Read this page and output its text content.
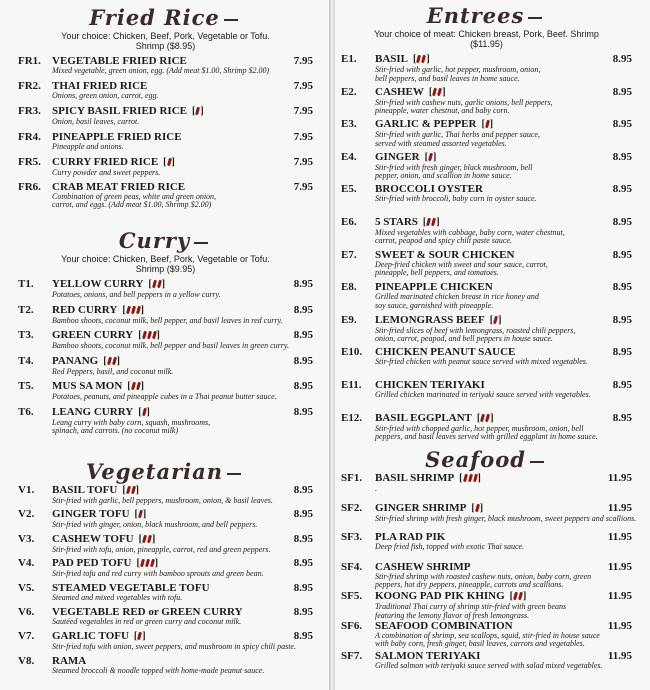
Fried Rice
Your choice: Chicken, Beef, Pork, Vegetable or Tofu. Shrimp ($8.95)
FR1.	VEGETABLE FRIED RICE
Mixed vegetable, green onion, egg. (Add meat $1.00, Shrimp $2.00)
7.95
FR2.	THAI FRIED RICE
Onions, green onion, carrot, egg.
7.95
FR3.	SPICY BASIL FRIED RICE [ ]
Onion, basil leaves, carrot.
7.95
FR4.	PINEAPPLE FRIED RICE
Pineapple and onions.
7.95
FR5.	CURRY FRIED RICE [ ]
Curry powder and sweet peppers.
7.95
FR6.	CRAB MEAT FRIED RICE
Combination of green peas, white and green onion,
carrot, and eggs. (Add meat $1.00, Shrimp $2.00)
7.95
Curry
Your choice: Chicken, Beef, Pork, Vegetable or Tofu. Shrimp ($9.95)
T1.	YELLOW CURRY [ ]
Potatoes, onions, and bell peppers in a yellow curry.
8.95
T2.	RED CURRY [ ]
Bamboo shoots, coconut milk, bell pepper, and basil leaves in red curry.
8.95
T3.	GREEN CURRY [ ]
Bamboo shoots, coconut milk, bell pepper and basil leaves in green curry.
8.95
T4.	PANANG [ ]
Red Peppers, basil, and coconut milk.
8.95
T5.	MUS SA MON [ ]
Potatoes, peanuts, and pineapple cubes in a Thai peanut butter sauce.
8.95
T6.	LEANG CURRY [ ]
Leang curry with baby corn, squash, mushrooms,
spinach, and carrots. (no coconut milk)
8.95
Vegetarian
V1.	BASIL TOFU [ ]
Stir-fried with garlic, bell peppers, mushroom, onion, & basil leaves.
8.95
V2.	GINGER TOFU [ ]
Stir-fried with ginger, onion, black mushroom, and bell peppers.
8.95
V3.	CASHEW TOFU [ ]
Stir-fried with tofu, onion, pineapple, carrot, red and green peppers.
8.95
V4.	PAD PED TOFU [ ]
Stir-fried tofu and red curry with bamboo sprouts and green bean.
8.95
V5.	STEAMED VEGETABLE TOFU
Steamed and mixed vegetables with tofu.
8.95
V6.	VEGETABLE RED or GREEN CURRY
Sautéed vegetables in red or green curry and coconut milk.
8.95
V7.	GARLIC TOFU [ ]
Stir-fried tofu with onion, sweet peppers, and mushroom in spicy chili paste.
8.95
V8.	RAMA
Steamed broccoli & noodle topped with home-made peanut sauce.
Entrees
Your choice of meat: Chicken breast, Pork, Beef. Shrimp ($11.95)
E1.	BASIL [ ]
Stir-fried with garlic, hot pepper, mushroom, onion,
bell peppers, and basil leaves in home sauce.
8.95
E2.	CASHEW [ ]
Stir-fried with cashew nuts, garlic onions, bell peppers,
pineapple, water chestnut, and baby corn.
8.95
E3.	GARLIC & PEPPER [ ]
Stir-fried with garlic, Thai herbs and pepper sauce,
served with steamed assorted vegetables.
8.95
E4.	GINGER [ ]
Stir-fried with fresh ginger, black mushroom, bell
pepper, onion, and scallion in home sauce.
8.95
E5.	BROCCOLI OYSTER
Stir-fried with broccoli, baby corn in oyster sauce.
8.95
E6.	5 STARS [ ]
Mixed vegetables with cabbage, baby corn, water chestnut,
carrot, peapod and spicy chili paste sauce.
8.95
E7.	SWEET & SOUR CHICKEN
Deep-fried chicken with sweet and sour sauce, carrot,
pineapple, bell peppers, and tomatoes.
8.95
E8.	PINEAPPLE CHICKEN
Grilled marinated chicken breast in rice honey and
soy sauce, garnished with pineapple.
8.95
E9.	LEMONGRASS BEEF [ ]
Stir-fried slices of beef with lemongrass, roasted chili peppers,
onion, carrot, peapod, and bell peppers in house sauce.
8.95
E10.	CHICKEN PEANUT SAUCE
Stir-fried chicken with peanut sauce served with mixed vegetables.
8.95
E11.	CHICKEN TERIYAKI
Grilled chicken marinated in teriyaki sauce served with vegetables.
8.95
E12.	BASIL EGGPLANT [ ]
Stir-fried with chopped garlic, hot pepper, mushroom, onion, bell
peppers, and basil leaves served with grilled eggplant in home sauce.
8.95
Seafood
SF1.	BASIL SHRIMP [ ]
.
11.95
SF2.	GINGER SHRIMP [ ]
Stir-fried shrimp with fresh ginger, black mushroom, sweet peppers and scallions.
11.95
SF3.	PLA RAD PIK
Deep fried fish, topped with exotic Thai sauce.
11.95
SF4.	CASHEW SHRIMP
Stir-fried shrimp with roasted cashew nuts, onion, baby corn, green
peppers, hot dry peppers, pineapple, carrots and scallions.
11.95
SF5.	KOONG PAD PIK KHING [ ]
Traditional Thai curry of shrimp stir-fried with green beans
featuring the lemony flavor of fresh lemongrass.
11.95
SF6.	SEAFOOD COMBINATION
A combination of shrimp, sea scallops, squid, stir-fried in house sauce
with baby corn, fresh ginger, basil leaves, carrots and vegetables.
11.95
SF7.	SALMON TERIYAKI
Grilled salmon with teriyaki sauce served with salad mixed vegetables.
11.95
